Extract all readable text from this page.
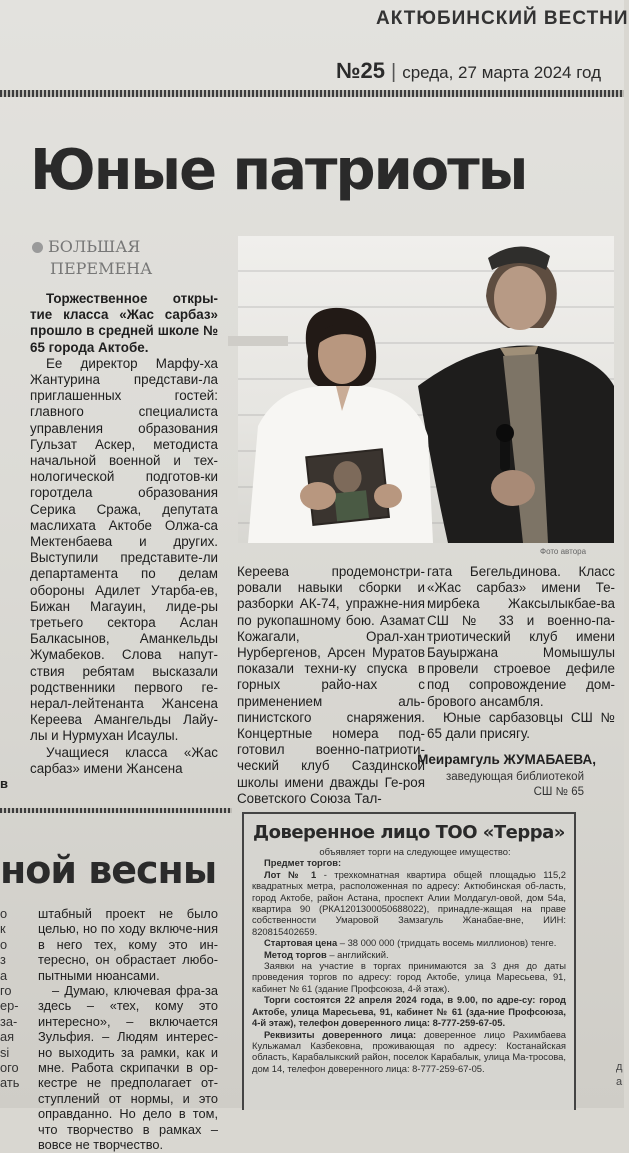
АКТЮБИНСКИЙ ВЕСТНИ
№25 | среда, 27 марта 2024 год
Юные патриоты
БОЛЬШАЯ
ПЕРЕМЕНА
Фото автора

Торжественное откры-тие класса «Жас сарбаз» прошло в средней школе № 65 города Актобе.

Ее директор Марфу-ха Жантурина представи-ла приглашенных гостей: главного специалиста управления образования Гульзат Аскер, методиста начальной военной и тех-нологической подготов-ки горотдела образования Серика Сража, депутата маслихата Актобе Олжа-са Мектенбаева и других. Выступили представите-ли департамента по делам обороны Адилет Утарба-ев, Бижан Магауин, лиде-ры третьего сектора Аслан Балкасынов, Аманкельды Жумабеков. Слова напут-ствия ребятам высказали родственники первого ге-нерал-лейтенанта Жансена Кереева Амангельды Лайу-лы и Нурмухан Исаулы.

Учащиеся класса «Жас сарбаз» имени Жансена

Кереева продемонстри-ровали навыки сборки и разборки АК-74, упражне-ния по рукопашному бою. Азамат Кожагали, Орал-хан Нурбергенов, Арсен Муратов показали техни-ку спуска в горных райо-нах с применением аль-пинистского снаряжения. Концертные номера под-готовил военно-патриоти-ческий клуб Саздинской школы имени дважды Ге-роя Советского Союза Тал-

гата Бегельдинова. Класс «Жас сарбаз» имени Те-мирбека Жаксылыкбае-ва СШ № 33 и военно-па-триотический клуб имени Бауыржана Момышулы провели строевое дефиле под сопровождение дом-брового ансамбля.

Юные сарбазовцы СШ № 65 дали присягу.

Меирамгуль ЖУМАБАЕВА,
заведующая библиотекой
СШ № 65
в
ной весны
о
к
о
з
а
го
ер-
за-
ая
si
ого
ать

штабный проект не было целью, но по ходу включе-ния в него тех, кому это ин-тересно, он обрастает любо-пытными нюансами.

– Думаю, ключевая фра-за здесь – «тех, кому это интересно», – включается Зульфия. – Людям интерес-но выходить за рамки, как и мне. Работа скрипачки в ор-кестре не предполагает от-ступлений от нормы, и это оправданно. Но дело в том, что творчество в рамках – вовсе не творчество.

д
а
Доверенное лицо ТОО «Терра»

объявляет торги на следующее имущество:

Предмет торгов:

Лот № 1 - трехкомнатная квартира общей площадью 115,2 квадратных метра, расположенная по адресу: Актюбинская об-ласть, город Актобе, район Астана, проспект Алии Молдагул-овой, дом 54а, квартира 90 (РКА1201300050688022), принадле-жащая на праве собственности Умаровой Замзагуль Жанабае-вне, ИИН: 820815402659.

Стартовая цена – 38 000 000 (тридцать восемь миллионов) тенге.

Метод торгов – английский.

Заявки на участие в торгах принимаются за 3 дня до даты проведения торгов по адресу: город Актобе, улица Маресьева, 91, кабинет № 61 (здание Профсоюза, 4-й этаж).

Торги состоятся 22 апреля 2024 года, в 9.00, по адре-су: город Актобе, улица Маресьева, 91, кабинет № 61 (зда-ние Профсоюза, 4-й этаж), телефон доверенного лица: 8-777-259-67-05.

Реквизиты доверенного лица: доверенное лицо Рахимбаева Кульжамал Казбековна, проживающая по адресу: Костанайская область, Карабалыкский район, поселок Карабалык, улица Ма-тросова, дом 14, телефон доверенного лица: 8-777-259-67-05.
